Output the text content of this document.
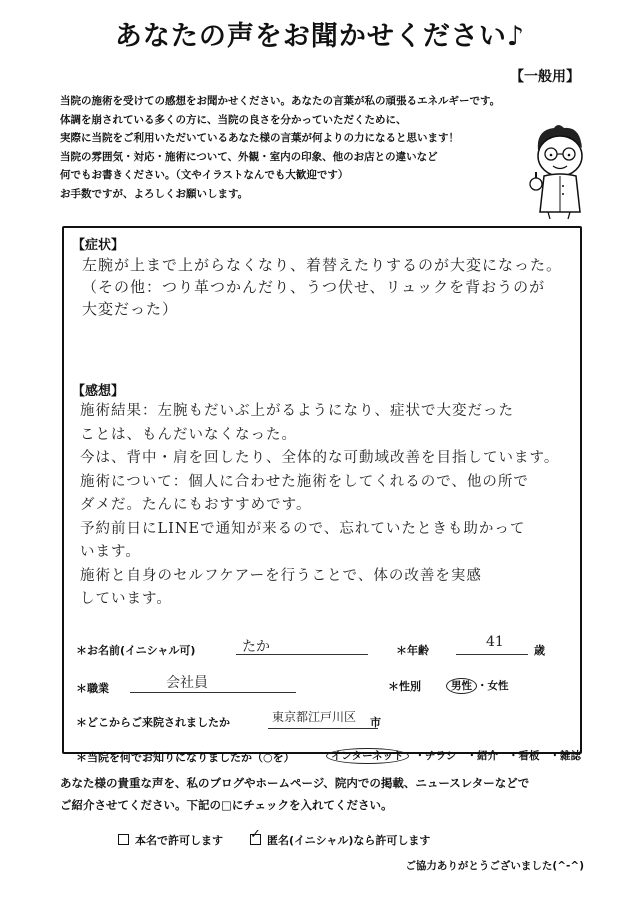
あなたの声をお聞かせください♪
【一般用】
当院の施術を受けての感想をお聞かせください。あなたの言葉が私の頑張るエネルギーです。
体調を崩されている多くの方に、当院の良さを分かっていただくために、
実際に当院をご利用いただいているあなた様の言葉が何よりの力になると思います！
当院の雰囲気・対応・施術について、外観・室内の印象、他のお店との違いなど
何でもお書きください。（文やイラストなんでも大歓迎です）
お手数ですが、よろしくお願いします。
【症状】
左腕が上まで上がらなくなり、着替えたりするのが大変になった。
（その他：つり革つかんだり、うつ伏せ、リュックを背おうのが
大変だった）
【感想】
施術結果：左腕もだいぶ上がるようになり、症状で大変だった
ことは、もんだいなくなった。
今は、背中・肩を回したり、全体的な可動域改善を目指しています。
施術について：個人に合わせた施術をしてくれるので、他の所で
ダメだ。たんにもおすすめです。
予約前日にLINEで通知が来るので、忘れていたときも助かって
います。
施術と自身のセルフケアーを行うことで、体の改善を実感
しています。
＊お名前(イニシャル可)	たか	＊年齢
41
歳
＊職業	会社員	＊性別	男性 ・女性
＊どこからご来院されましたか	東京都江戸川区 市
＊当院を何でお知りになりましたか（○を）	インターネット ・チラシ ・紹介 ・看板 ・雑誌
あなた様の貴重な声を、私のブログやホームページ、院内での掲載、ニュースレターなどで
ご紹介させてください。下記の□にチェックを入れてください。
本名で許可します
✓	匿名(イニシャル)なら許可します
ご協力ありがとうございました(^-^)
